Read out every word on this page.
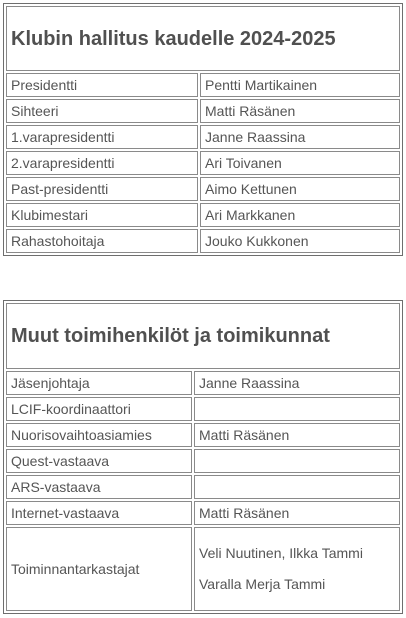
Klubin hallitus kaudelle 2024-2025	
Presidentti	Pentti Martikainen
Sihteeri	Matti Räsänen
1.varapresidentti	Janne Raassina
2.varapresidentti	Ari Toivanen
Past-presidentti	Aimo Kettunen
Klubimestari	Ari Markkanen
Rahastohoitaja	Jouko Kukkonen
Muut toimihenkilöt ja toimikunnat	
Jäsenjohtaja	Janne Raassina
LCIF-koordinaattori	
Nuorisovaihtoasiamies	Matti Räsänen
Quest-vastaava	
ARS-vastaava	
Internet-vastaava	Matti Räsänen
Toiminnantarkastajat	Veli Nuutinen, Ilkka Tammi
Varalla Merja Tammi
